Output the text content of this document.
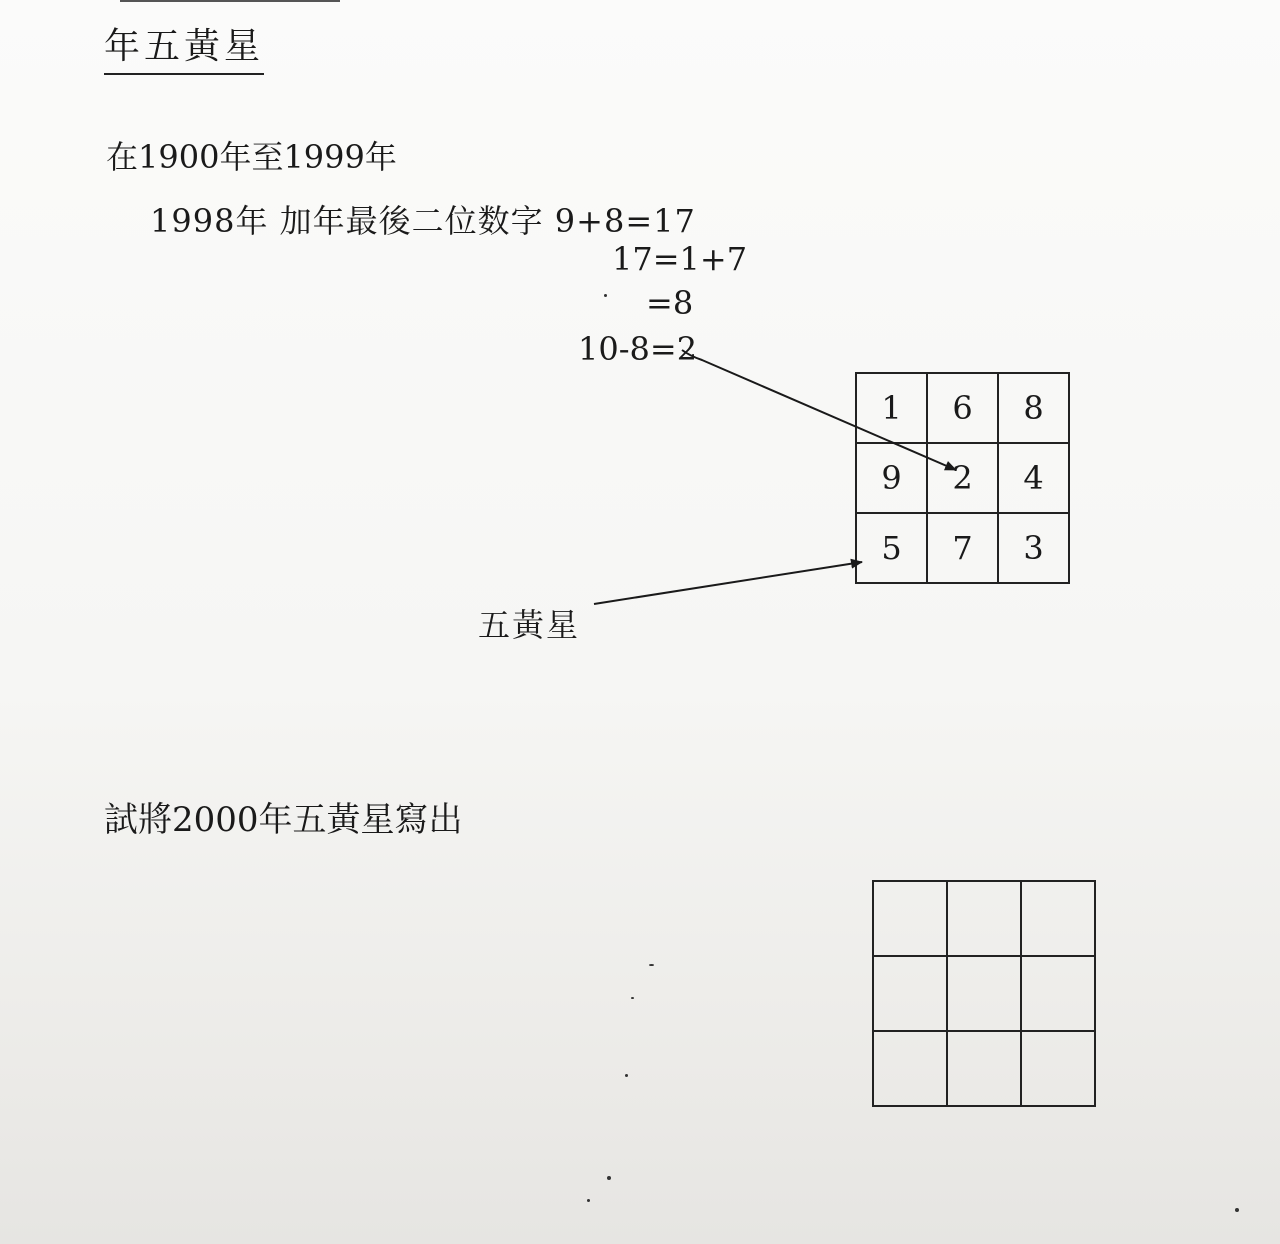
年五黃星
在1900年至1999年
1998年 加年最後二位数字 9+8=17
17=1+7
=8
10-8=2
1	6	8
9	2	4
5	7	3
五黃星
試將2000年五黃星寫出
